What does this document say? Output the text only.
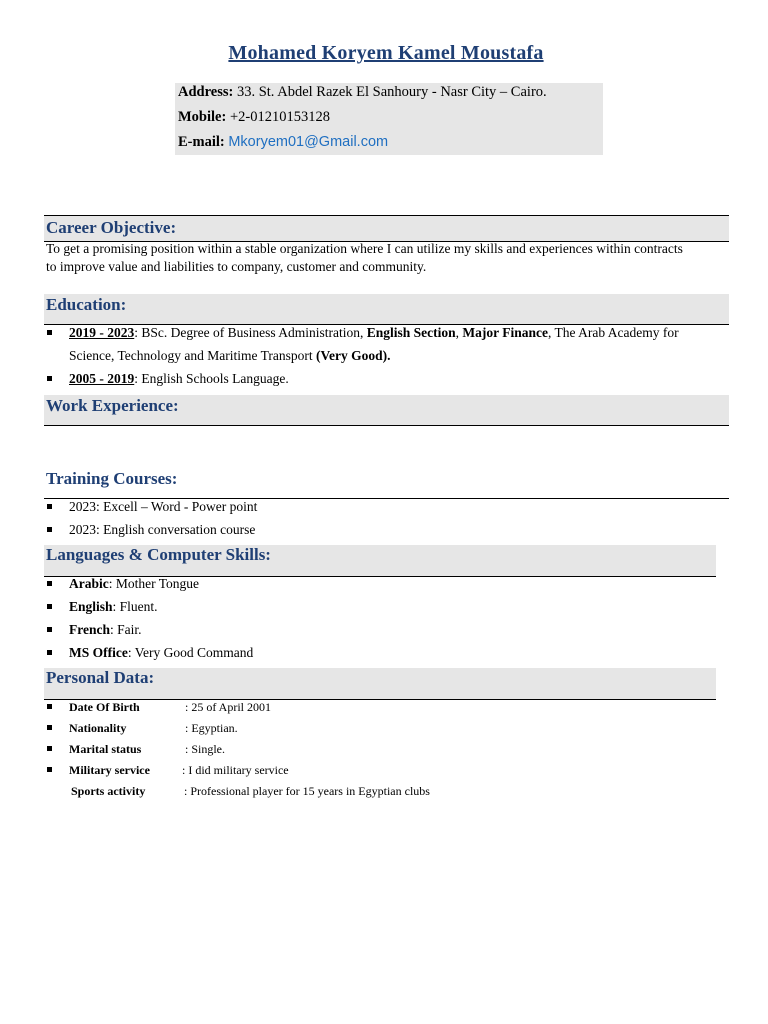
Mohamed Koryem Kamel Moustafa
Address: 33. St. Abdel Razek El Sanhoury - Nasr City – Cairo.
Mobile: +2-01210153128
E-mail: Mkoryem01@Gmail.com
Career Objective:
To get a promising position within a stable organization where I can utilize my skills and experiences within contracts
to improve value and liabilities to company, customer and community.
Education:
2019 - 2023: BSc. Degree of Business Administration, English Section, Major Finance, The Arab Academy for
Science, Technology and Maritime Transport (Very Good).
2005 - 2019: English Schools Language.
Work Experience:
Training Courses:
2023: Excell – Word - Power point
2023: English conversation course
Languages & Computer Skills:
Arabic: Mother Tongue
English: Fluent.
French: Fair.
MS Office: Very Good Command
Personal Data:
Date Of Birth	: 25 of April 2001
Nationality	: Egyptian.
Marital status	: Single.
Military service	: I did military service
Sports activity	: Professional player for 15 years in Egyptian clubs
